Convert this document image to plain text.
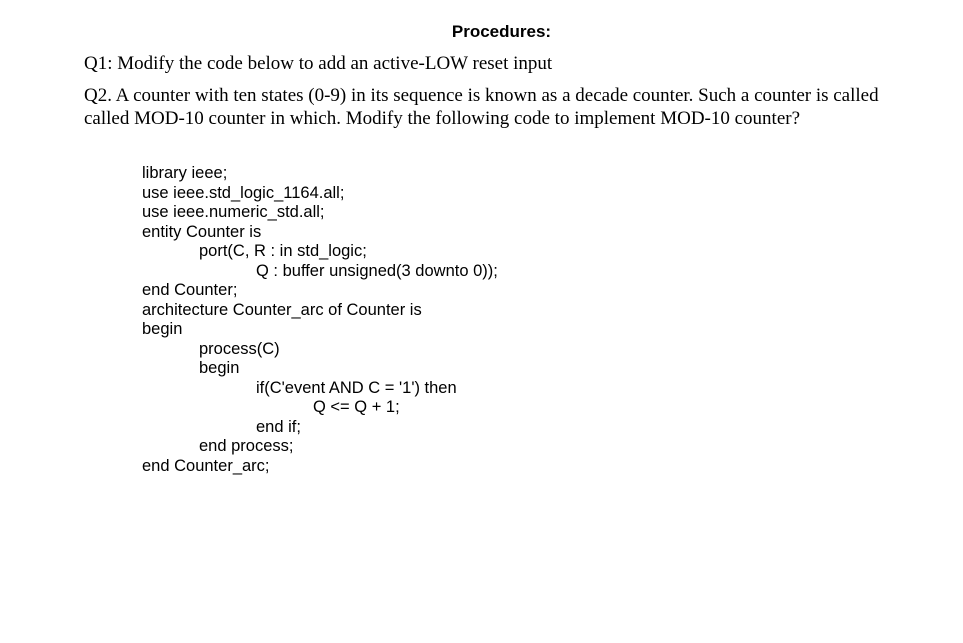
Procedures:
Q1: Modify the code below to add an active-LOW reset input
Q2. A counter with ten states (0-9) in its sequence is known as a decade counter. Such a counter is called called MOD-10 counter in which. Modify the following code to implement MOD-10 counter?
library ieee;
use ieee.std_logic_1164.all;
use ieee.numeric_std.all;
entity Counter is
port(C, R : in std_logic;
Q : buffer unsigned(3 downto 0));
end Counter;
architecture Counter_arc of Counter is
begin
process(C)
begin
if(C'event AND C = '1') then
Q <= Q + 1;
end if;
end process;
end Counter_arc;
